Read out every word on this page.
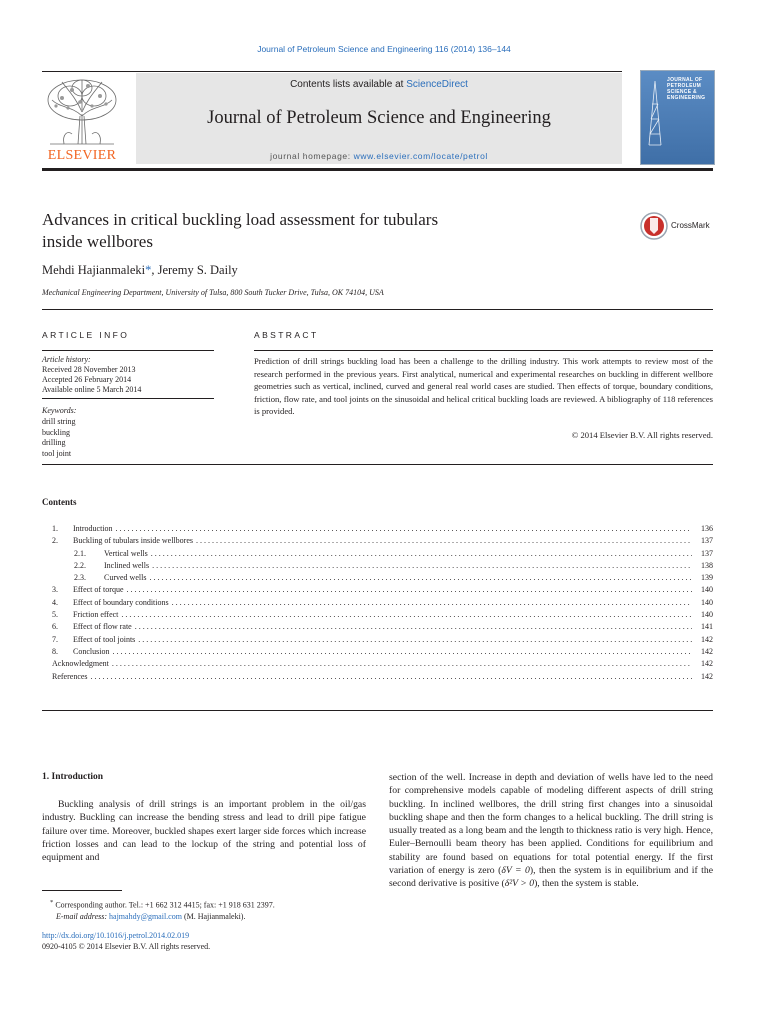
Journal of Petroleum Science and Engineering 116 (2014) 136–144
ELSEVIER
Contents lists available at ScienceDirect
Journal of Petroleum Science and Engineering
journal homepage: www.elsevier.com/locate/petrol
JOURNAL OF
PETROLEUM
SCIENCE &
ENGINEERING
Advances in critical buckling load assessment for tubulars
inside wellbores
CrossMark
Mehdi Hajianmaleki*, Jeremy S. Daily
Mechanical Engineering Department, University of Tulsa, 800 South Tucker Drive, Tulsa, OK 74104, USA
ARTICLE INFO
Article history:
Received 28 November 2013
Accepted 26 February 2014
Available online 5 March 2014
Keywords:
drill string
buckling
drilling
tool joint
ABSTRACT
Prediction of drill strings buckling load has been a challenge to the drilling industry. This work attempts to review most of the research performed in the previous years. First analytical, numerical and experimental researches on buckling in different wellbore geometries such as vertical, inclined, curved and general real world cases are studied. Then effects of torque, boundary conditions, friction, flow rate, and tool joints on the sinusoidal and helical critical buckling loads are reviewed. A bibliography of 118 references is provided.
© 2014 Elsevier B.V. All rights reserved.
Contents
1.	Introduction . . .	136
2.	Buckling of tubulars inside wellbores . . .	137
2.1.	Vertical wells . . .	137
2.2.	Inclined wells . . .	138
2.3.	Curved wells . . .	139
3.	Effect of torque . . .	140
4.	Effect of boundary conditions . . .	140
5.	Friction effect . . .	140
6.	Effect of flow rate . . .	141
7.	Effect of tool joints . . .	142
8.	Conclusion . . .	142
Acknowledgment . . .	142
References . . .	142
1. Introduction
Buckling analysis of drill strings is an important problem in the oil/gas industry. Buckling can increase the bending stress and lead to drill pipe fatigue failure over time. Moreover, buckled shapes exert larger side forces which increase friction losses and can lead to the lockup of the string and potential loss of equipment and
section of the well. Increase in depth and deviation of wells have led to the need for comprehensive models capable of modeling different aspects of drill string buckling. In inclined wellbores, the drill string first changes into a sinusoidal buckling shape and then the form changes to a helical buckling. The drill string is usually treated as a long beam and the length to thickness ratio is very high. Hence, Euler–Bernoulli beam theory has been applied. Conditions for equilibrium and stability are found based on equations for total potential energy. If the first variation of energy is zero (δV = 0), then the system is in equilibrium and if the second derivative is positive (δ²V > 0), then the system is stable.
* Corresponding author. Tel.: +1 662 312 4415; fax: +1 918 631 2397.
E-mail address: hajmahdy@gmail.com (M. Hajianmaleki).
http://dx.doi.org/10.1016/j.petrol.2014.02.019
0920-4105 © 2014 Elsevier B.V. All rights reserved.
